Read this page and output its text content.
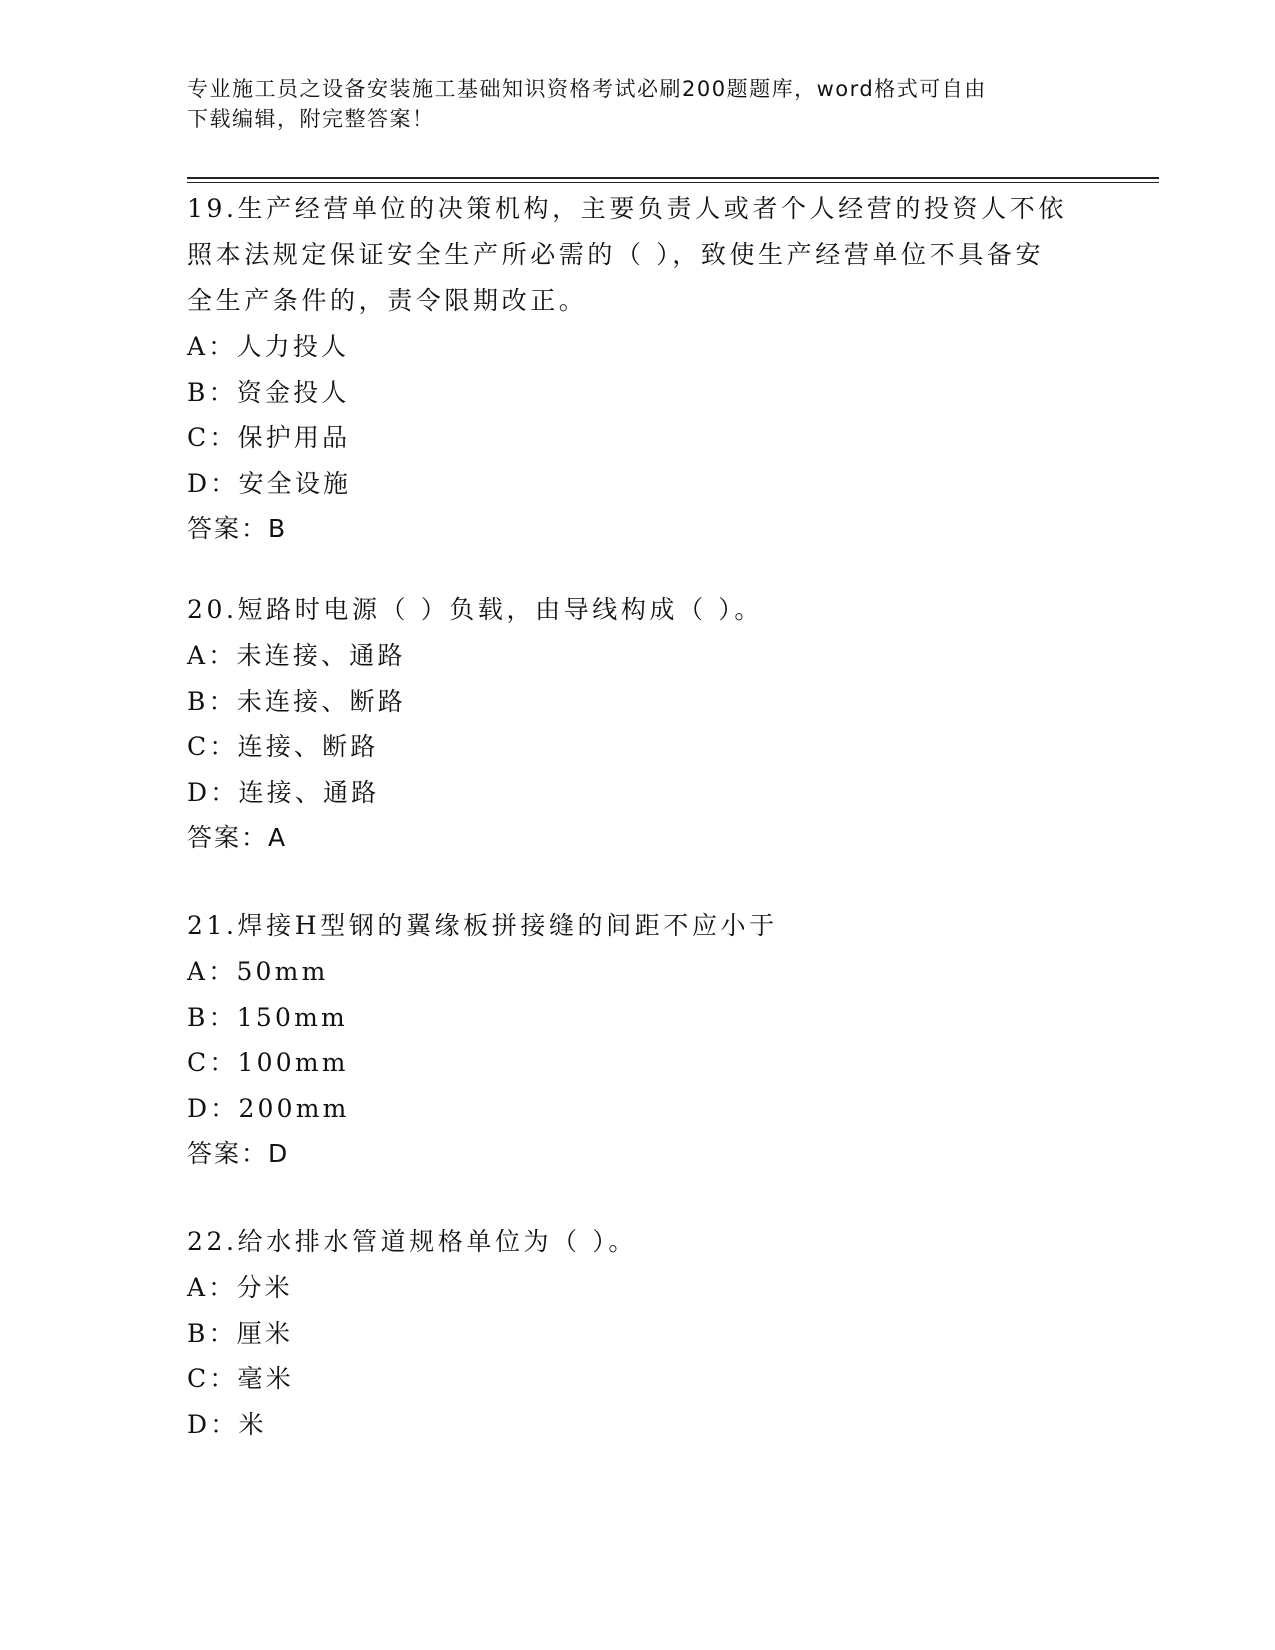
专业施工员之设备安装施工基础知识资格考试必刷200题题库，word格式可自由
下载编辑，附完整答案！
19.生产经营单位的决策机构，主要负责人或者个人经营的投资人不依
照本法规定保证安全生产所必需的（ ），致使生产经营单位不具备安
全生产条件的，责令限期改正。
A：人力投人
B：资金投人
C：保护用品
D：安全设施
答案：B
20.短路时电源（ ）负载，由导线构成（ ）。
A：未连接、通路
B：未连接、断路
C：连接、断路
D：连接、通路
答案：A
21.焊接H型钢的翼缘板拼接缝的间距不应小于
A：50mm
B：150mm
C：100mm
D：200mm
答案：D
22.给水排水管道规格单位为（ ）。
A：分米
B：厘米
C：毫米
D：米
